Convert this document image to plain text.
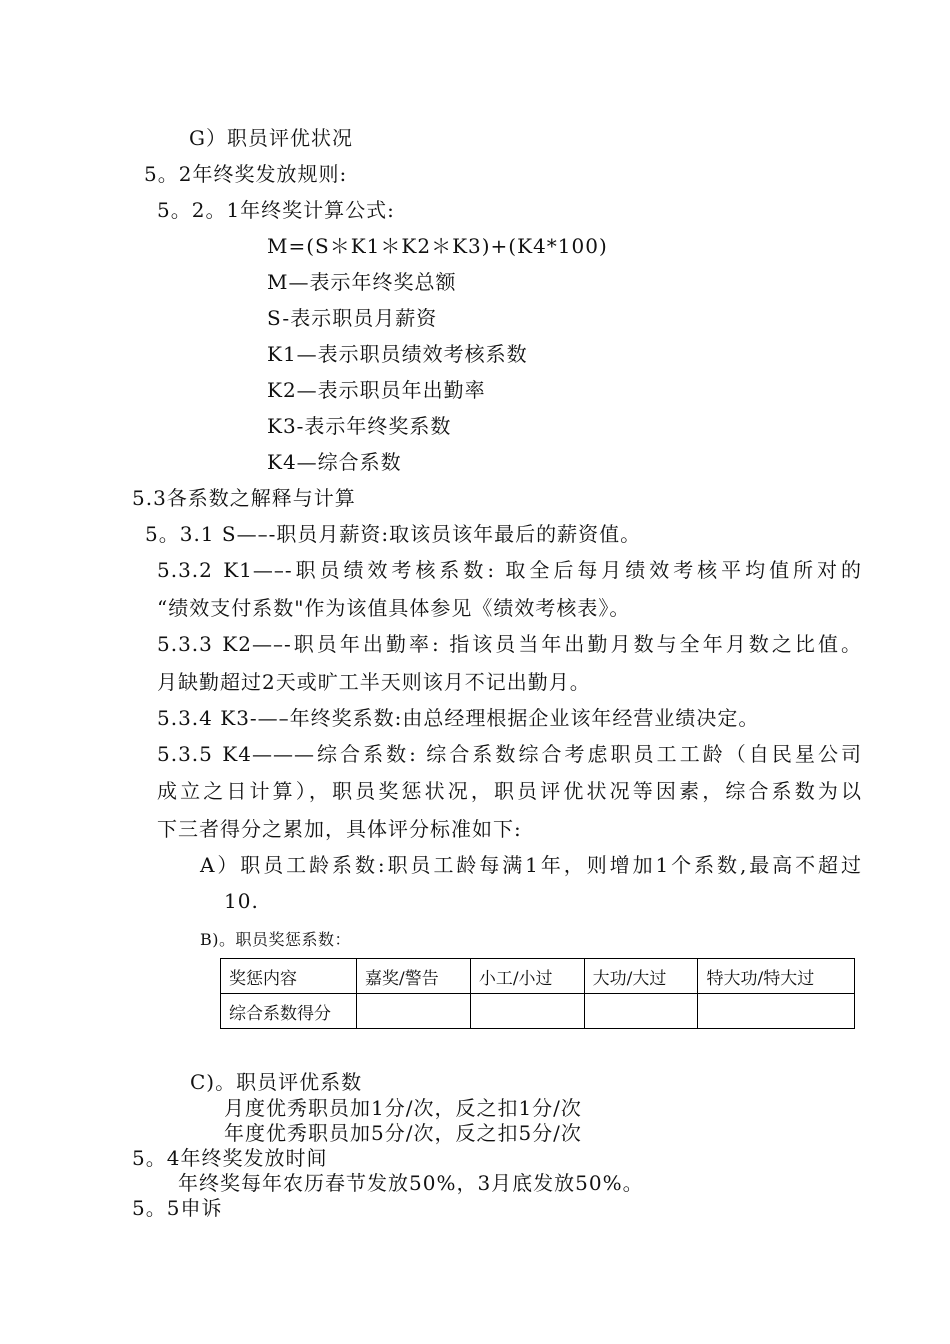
G）职员评优状况
5。2年终奖发放规则:
5。2。1年终奖计算公式:
M=(S＊K1＊K2＊K3)+(K4*100)
M—表示年终奖总额
S-表示职员月薪资
K1—表示职员绩效考核系数
K2—表示职员年出勤率
K3-表示年终奖系数
K4—综合系数
5.3各系数之解释与计算
5。3.1 S—–-职员月薪资:取该员该年最后的薪资值。
5.3.2 K1—–-职员绩效考核系数: 取全后每月绩效考核平均值所对的
“绩效支付系数"作为该值具体参见《绩效考核表》。
5.3.3 K2—–-职员年出勤率: 指该员当年出勤月数与全年月数之比值。
月缺勤超过2天或旷工半天则该月不记出勤月。
5.3.4 K3-—–年终奖系数:由总经理根据企业该年经营业绩决定。
5.3.5 K4———综合系数: 综合系数综合考虑职员工工龄（自民星公司
成立之日计算），职员奖惩状况，职员评优状况等因素，综合系数为以
下三者得分之累加，具体评分标准如下:
A）职员工龄系数:职员工龄每满1年，则增加1个系数,最高不超过
10.
B)。职员奖惩系数：
奖惩内容	嘉奖/警告	小工/小过	大功/大过	特大功/特大过
综合系数得分				
C)。职员评优系数
月度优秀职员加1分/次，反之扣1分/次
年度优秀职员加5分/次，反之扣5分/次
5。4年终奖发放时间
年终奖每年农历春节发放50%，3月底发放50%。
5。5申诉
